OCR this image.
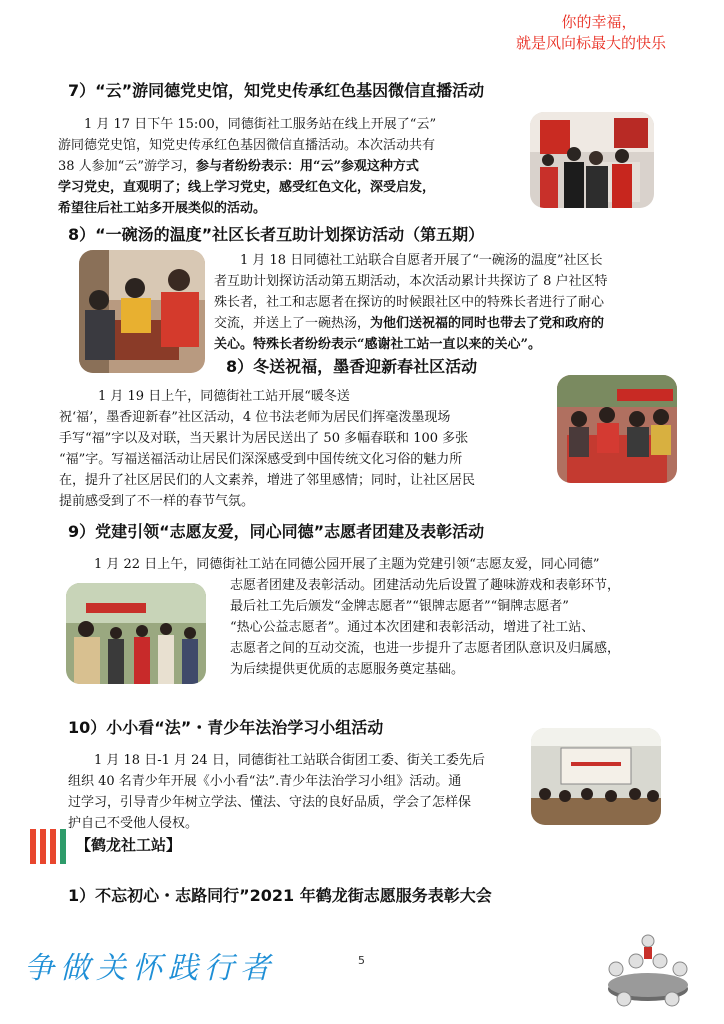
你的幸福，
就是风向标最大的快乐
7）“云”游同德党史馆，知党史传承红色基因微信直播活动
　　1 月 17 日下午 15:00，同德街社工服务站在线上开展了“云”
游同德党史馆，知党史传承红色基因微信直播活动。本次活动共有
38 人参加“云”游学习，参与者纷纷表示：用“云”参观这种方式
学习党史，直观明了；线上学习党史，感受红色文化，深受启发，
希望往后社工站多开展类似的活动。
8）“一碗汤的温度”社区长者互助计划探访活动（第五期）
　　1 月 18 日同德社工站联合自愿者开展了“一碗汤的温度”社区长
者互助计划探访活动第五期活动，本次活动累计共探访了 8 户社区特
殊长者，社工和志愿者在探访的时候跟社区中的特殊长者进行了耐心
交流，并送上了一碗热汤，为他们送祝福的同时也带去了党和政府的
关心。特殊长者纷纷表示“感谢社工站一直以来的关心”。
8）冬送祝福，墨香迎新春社区活动
　　　1 月 19 日上午，同德街社工站开展“暖冬送
祝‘福’，墨香迎新春”社区活动，4 位书法老师为居民们挥毫泼墨现场
手写“福”字以及对联，当天累计为居民送出了 50 多幅春联和 100 多张
“福”字。写福送福活动让居民们深深感受到中国传统文化习俗的魅力所
在，提升了社区居民们的人文素养，增进了邻里感情；同时，让社区居民
提前感受到了不一样的春节气氛。
9）党建引领“志愿友爱，同心同德”志愿者团建及表彰活动
　　1 月 22 日上午，同德街社工站在同德公园开展了主题为党建引领“志愿友爱，同心同德”
志愿者团建及表彰活动。团建活动先后设置了趣味游戏和表彰环节，
最后社工先后颁发“金牌志愿者”“银牌志愿者”“铜牌志愿者”
“热心公益志愿者”。通过本次团建和表彰活动，增进了社工站、
志愿者之间的互动交流，也进一步提升了志愿者团队意识及归属感，
为后续提供更优质的志愿服务奠定基础。
10）小小看“法”・青少年法治学习小组活动
　　1 月 18 日-1 月 24 日，同德街社工站联合街团工委、街关工委先后
组织 40 名青少年开展《小小看“法”.青少年法治学习小组》活动。通
过学习，引导青少年树立学法、懂法、守法的良好品质，学会了怎样保
护自己不受他人侵权。
【鹤龙社工站】
1）不忘初心・志路同行”2021 年鹤龙街志愿服务表彰大会
争做关怀践行者	5
